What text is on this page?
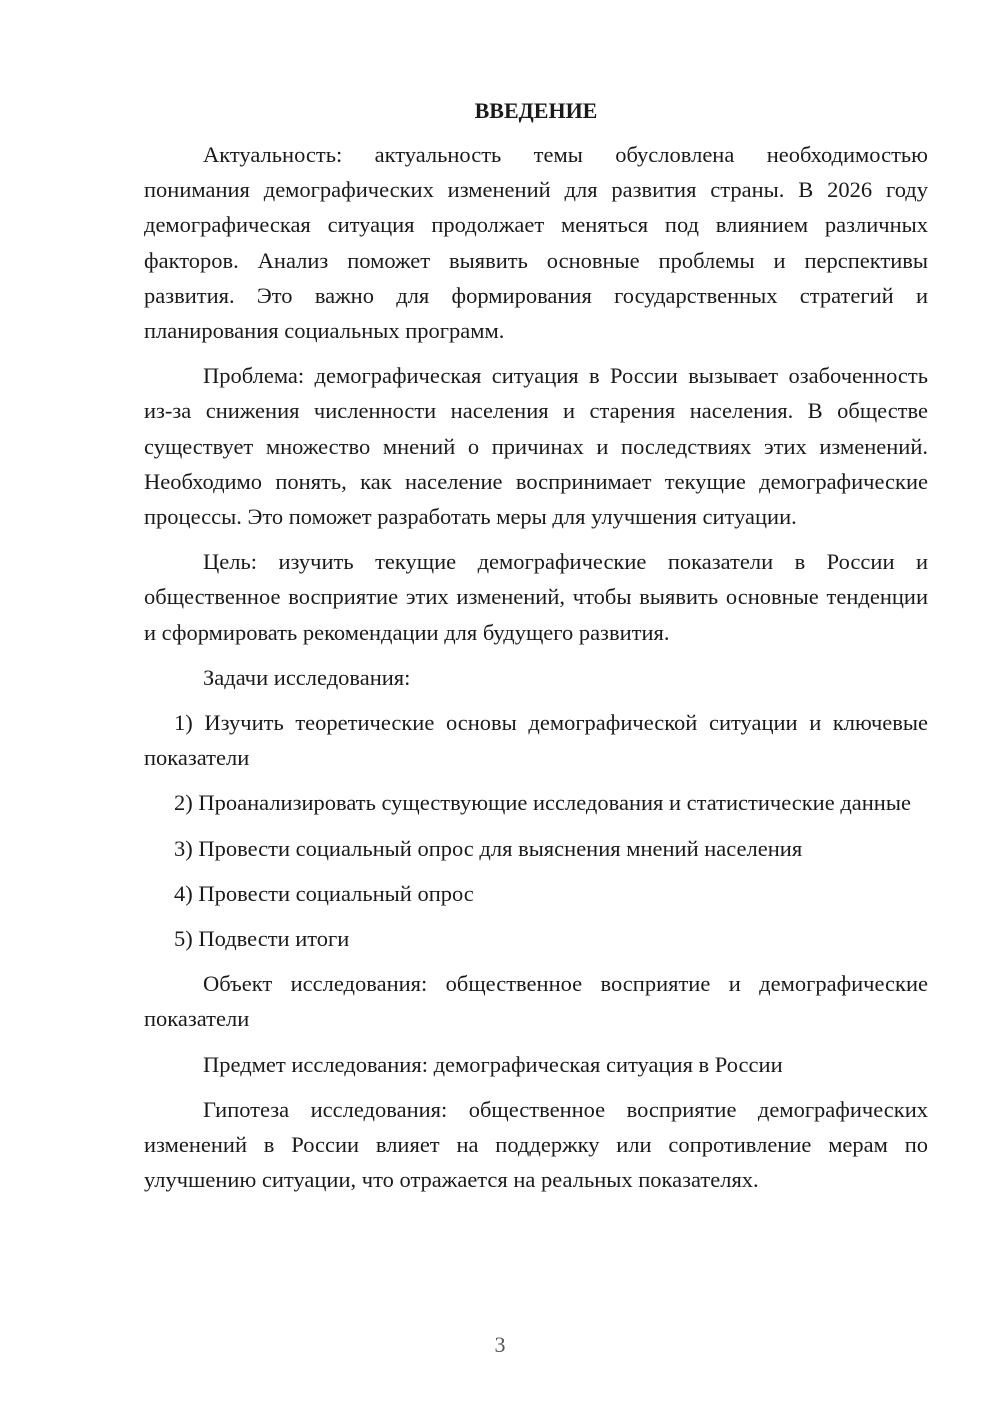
ВВЕДЕНИЕ

Актуальность: актуальность темы обусловлена необходимостью понимания демографических изменений для развития страны. В 2026 году демографическая ситуация продолжает меняться под влиянием различных факторов. Анализ поможет выявить основные проблемы и перспективы развития. Это важно для формирования государственных стратегий и планирования социальных программ.

Проблема: демографическая ситуация в России вызывает озабоченность из-за снижения численности населения и старения населения. В обществе существует множество мнений о причинах и последствиях этих изменений. Необходимо понять, как население воспринимает текущие демографические процессы. Это поможет разработать меры для улучшения ситуации.

Цель: изучить текущие демографические показатели в России и общественное восприятие этих изменений, чтобы выявить основные тенденции и сформировать рекомендации для будущего развития.

Задачи исследования:

1) Изучить теоретические основы демографической ситуации и ключевые показатели

2) Проанализировать существующие исследования и статистические данные

3) Провести социальный опрос для выяснения мнений населения

4) Провести социальный опрос

5) Подвести итоги

Объект исследования: общественное восприятие и демографические показатели

Предмет исследования: демографическая ситуация в России

Гипотеза исследования: общественное восприятие демографических изменений в России влияет на поддержку или сопротивление мерам по улучшению ситуации, что отражается на реальных показателях.

3
